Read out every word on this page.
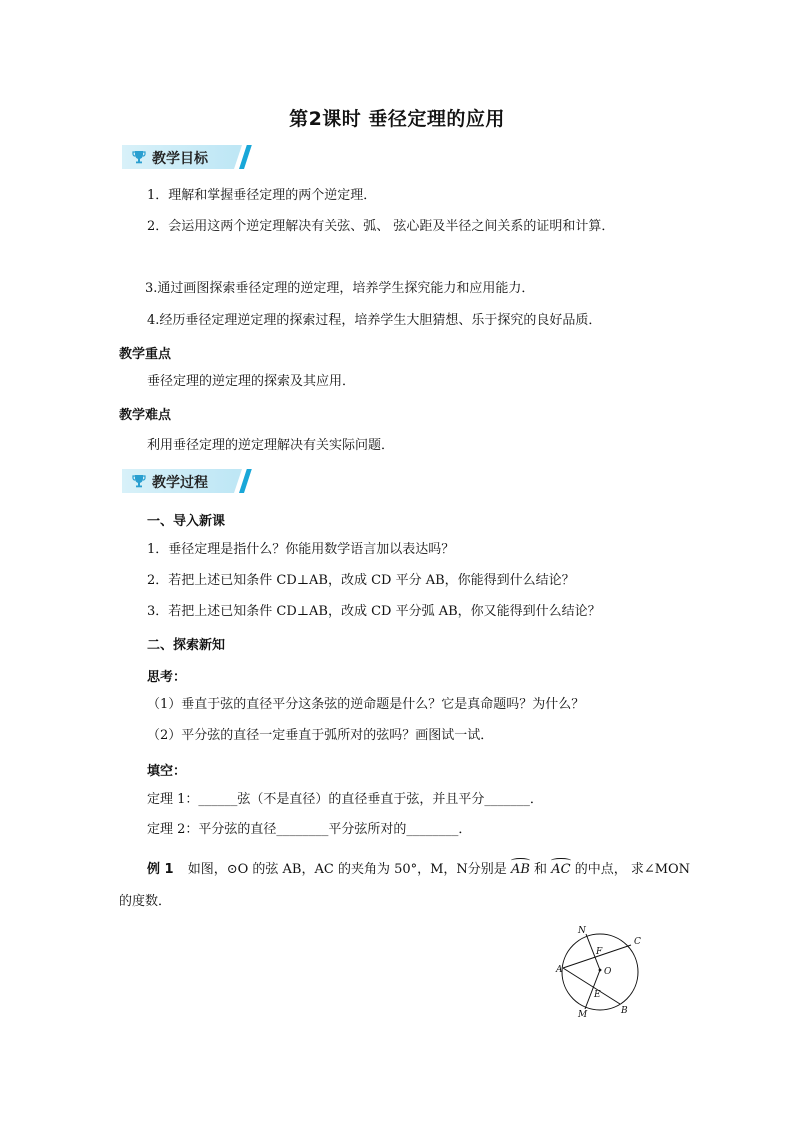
第2课时 垂径定理的应用
教学目标
1．理解和掌握垂径定理的两个逆定理．
2．会运用这两个逆定理解决有关弦、弧、 弦心距及半径之间关系的证明和计算．
3.通过画图探索垂径定理的逆定理，培养学生探究能力和应用能力．
4.经历垂径定理逆定理的探索过程，培养学生大胆猜想、乐于探究的良好品质．
教学重点
垂径定理的逆定理的探索及其应用．
教学难点
利用垂径定理的逆定理解决有关实际问题．
教学过程
一、导入新课
1．垂径定理是指什么？你能用数学语言加以表达吗？
2．若把上述已知条件 CD⊥AB，改成 CD 平分 AB，你能得到什么结论？
3．若把上述已知条件 CD⊥AB，改成 CD 平分弧 AB，你又能得到什么结论？
二、探索新知
思考：
（1）垂直于弦的直径平分这条弦的逆命题是什么？它是真命题吗？为什么？
（2）平分弦的直径一定垂直于弧所对的弦吗？画图试一试．
填空：
定理 1：______弦（不是直径）的直径垂直于弦，并且平分_______．
定理 2：平分弦的直径________平分弦所对的________．
例 1 如图，⊙O 的弦 AB，AC 的夹角为 50°，M，N分别是 AB 和 AC 的中点， 求∠MON
的度数．
N
C
F
A	O
E
M	B
